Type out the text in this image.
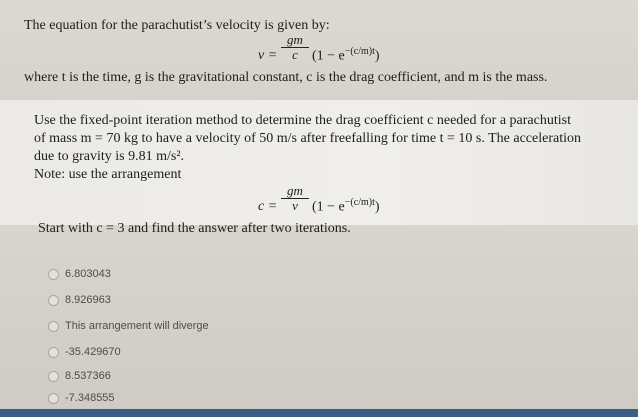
The equation for the parachutist’s velocity is given by:
$v = \frac{gm}{c} (1 - e^{-(c/m)t})$
where t is the time, g is the gravitational constant, c is the drag coefficient, and m is the mass.
Use the fixed-point iteration method to determine the drag coefficient c needed for a parachutist
of mass m = 70 kg to have a velocity of 50 m/s after freefalling for time t = 10 s. The acceleration
due to gravity is 9.81 m/s².
Note: use the arrangement
$c = \frac{gm}{v} (1 - e^{-(c/m)t})$
Start with c = 3 and find the answer after two iterations.
6.803043
8.926963
This arrangement will diverge
-35.429670
8.537366
-7.348555
